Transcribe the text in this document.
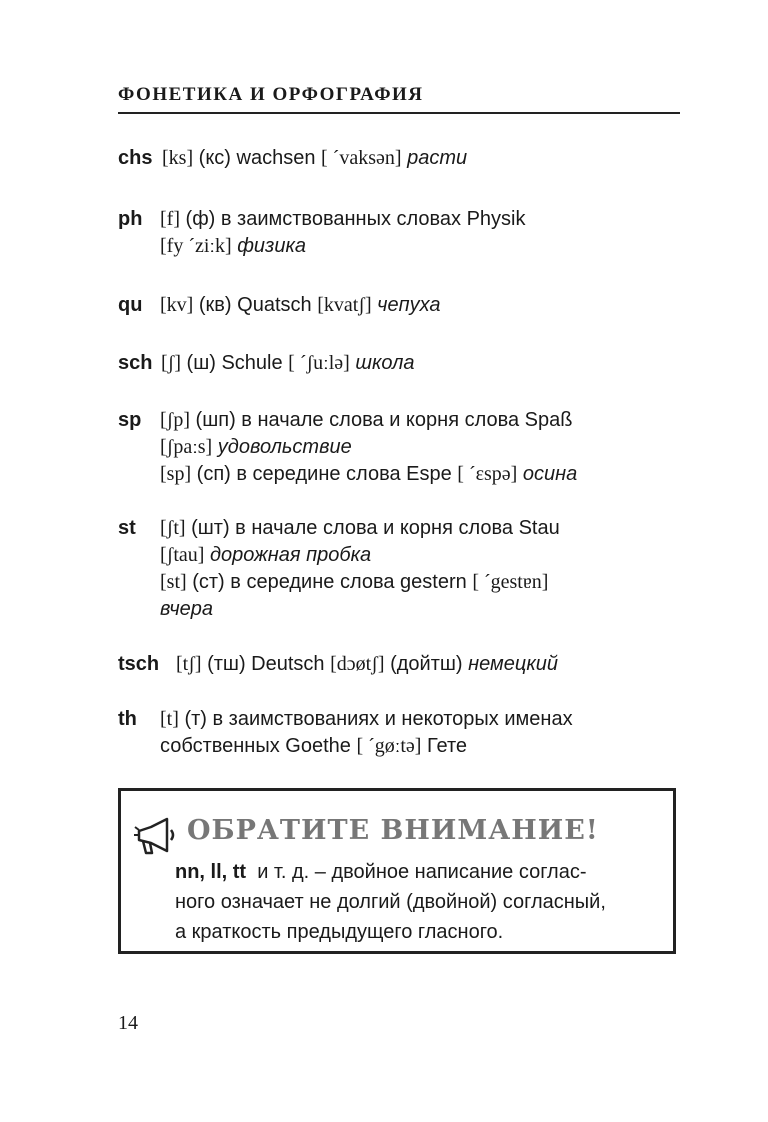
ФОНЕТИКА И ОРФОГРАФИЯ
chs [ks] (кс) wachsen [ ˊvaksən] расти
ph [f] (ф) в заимствованных словах Physik
[fy ˊziːk] физика
qu [kv] (кв) Quatsch [kvatʃ] чепуха
sch [ʃ] (ш) Schule [ ˊʃuːlə] школа
sp [ʃp] (шп) в начале слова и корня слова Spaß
[ʃpaːs] удовольствие
[sp] (сп) в середине слова Espe [ ˊɛspə] осина
st [ʃt] (шт) в начале слова и корня слова Stau
[ʃtau] дорожная пробка
[st] (ст) в середине слова gestern [ ˊgestɐn]
вчера
tsch [tʃ] (тш) Deutsch [dɔøtʃ] (дойтш) немецкий
th [t] (т) в заимствованиях и некоторых именах
собственных Goethe [ ˊgøːtə] Гете
ОБРАТИТЕ ВНИМАНИЕ!
nn, ll, tt  и т. д. – двойное написание соглас-
ного означает не долгий (двойной) согласный,
а краткость предыдущего гласного.
14
